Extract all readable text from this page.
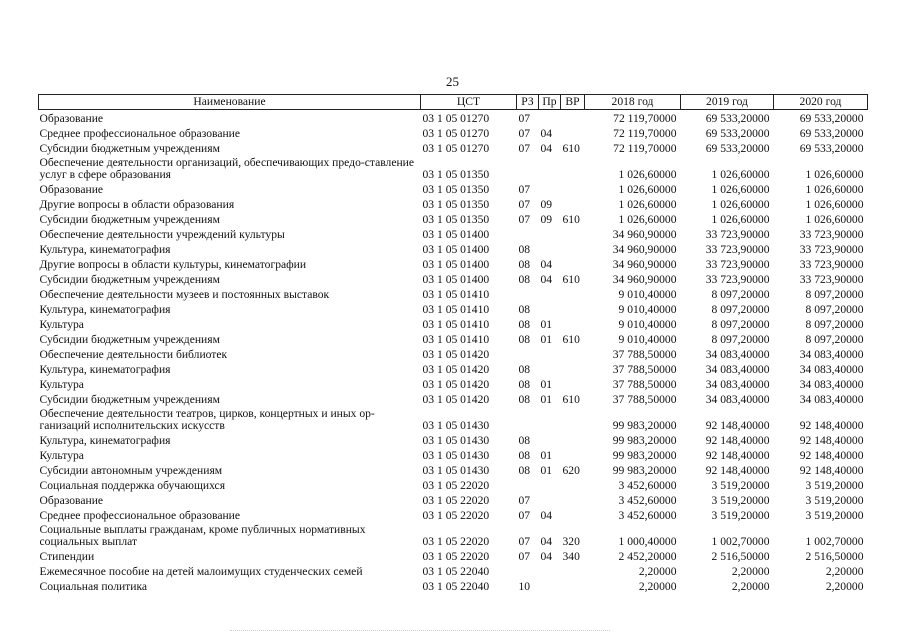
25
Наименование	ЦСТ	РЗ	Пр	ВР	2018 год	2019 год	2020 год
Образование	03 1 05 01270	07			72 119,70000	69 533,20000	69 533,20000
Среднее профессиональное образование	03 1 05 01270	07	04		72 119,70000	69 533,20000	69 533,20000
Субсидии бюджетным учреждениям	03 1 05 01270	07	04	610	72 119,70000	69 533,20000	69 533,20000
Обеспечение деятельности организаций, обеспечивающих предо-ставление услуг в сфере образования	03 1 05 01350				1 026,60000	1 026,60000	1 026,60000
Образование	03 1 05 01350	07			1 026,60000	1 026,60000	1 026,60000
Другие вопросы в области образования	03 1 05 01350	07	09		1 026,60000	1 026,60000	1 026,60000
Субсидии бюджетным учреждениям	03 1 05 01350	07	09	610	1 026,60000	1 026,60000	1 026,60000
Обеспечение деятельности учреждений культуры	03 1 05 01400				34 960,90000	33 723,90000	33 723,90000
Культура, кинематография	03 1 05 01400	08			34 960,90000	33 723,90000	33 723,90000
Другие вопросы в области культуры, кинематографии	03 1 05 01400	08	04		34 960,90000	33 723,90000	33 723,90000
Субсидии бюджетным учреждениям	03 1 05 01400	08	04	610	34 960,90000	33 723,90000	33 723,90000
Обеспечение деятельности музеев и постоянных выставок	03 1 05 01410				9 010,40000	8 097,20000	8 097,20000
Культура, кинематография	03 1 05 01410	08			9 010,40000	8 097,20000	8 097,20000
Культура	03 1 05 01410	08	01		9 010,40000	8 097,20000	8 097,20000
Субсидии бюджетным учреждениям	03 1 05 01410	08	01	610	9 010,40000	8 097,20000	8 097,20000
Обеспечение деятельности библиотек	03 1 05 01420				37 788,50000	34 083,40000	34 083,40000
Культура, кинематография	03 1 05 01420	08			37 788,50000	34 083,40000	34 083,40000
Культура	03 1 05 01420	08	01		37 788,50000	34 083,40000	34 083,40000
Субсидии бюджетным учреждениям	03 1 05 01420	08	01	610	37 788,50000	34 083,40000	34 083,40000
Обеспечение деятельности театров, цирков, концертных и иных ор-ганизаций исполнительских искусств	03 1 05 01430				99 983,20000	92 148,40000	92 148,40000
Культура, кинематография	03 1 05 01430	08			99 983,20000	92 148,40000	92 148,40000
Культура	03 1 05 01430	08	01		99 983,20000	92 148,40000	92 148,40000
Субсидии автономным учреждениям	03 1 05 01430	08	01	620	99 983,20000	92 148,40000	92 148,40000
Социальная поддержка обучающихся	03 1 05 22020				3 452,60000	3 519,20000	3 519,20000
Образование	03 1 05 22020	07			3 452,60000	3 519,20000	3 519,20000
Среднее профессиональное образование	03 1 05 22020	07	04		3 452,60000	3 519,20000	3 519,20000
Социальные выплаты гражданам, кроме публичных нормативных социальных выплат	03 1 05 22020	07	04	320	1 000,40000	1 002,70000	1 002,70000
Стипендии	03 1 05 22020	07	04	340	2 452,20000	2 516,50000	2 516,50000
Ежемесячное пособие на детей малоимущих студенческих семей	03 1 05 22040				2,20000	2,20000	2,20000
Социальная политика	03 1 05 22040	10			2,20000	2,20000	2,20000
